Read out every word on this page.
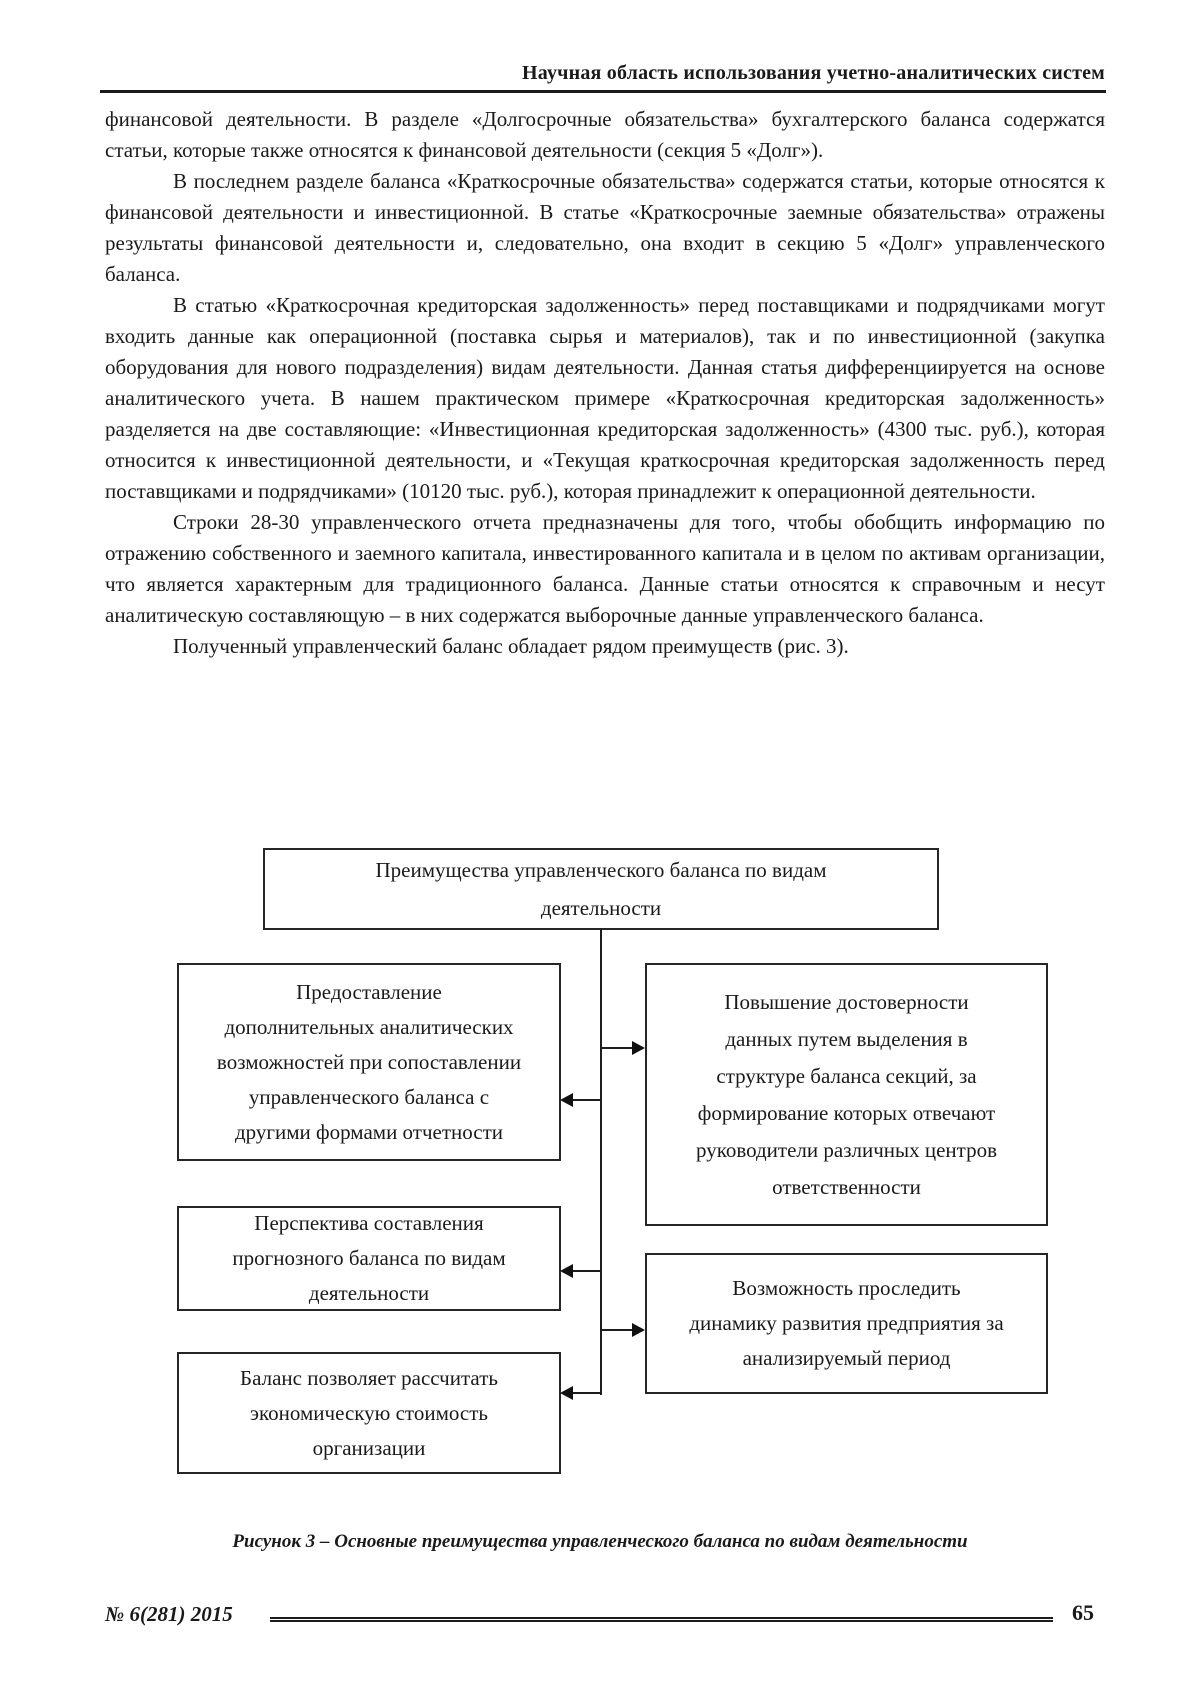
Научная область использования учетно-аналитических систем

финансовой деятельности. В разделе «Долгосрочные обязательства» бухгалтерского баланса содержатся статьи, которые также относятся к финансовой деятельности (секция 5 «Долг»).

В последнем разделе баланса «Краткосрочные обязательства» содержатся статьи, которые относятся к финансовой деятельности и инвестиционной. В статье «Краткосрочные заемные обязательства» отражены результаты финансовой деятельности и, следовательно, она входит в секцию 5 «Долг» управленческого баланса.

В статью «Краткосрочная кредиторская задолженность» перед поставщиками и подрядчиками могут входить данные как операционной (поставка сырья и материалов), так и по инвестиционной (закупка оборудования для нового подразделения) видам деятельности. Данная статья дифференциируется на основе аналитического учета. В нашем практическом примере «Краткосрочная кредиторская задолженность» разделяется на две составляющие: «Инвестиционная кредиторская задолженность» (4300 тыс. руб.), которая относится к инвестиционной деятельности, и «Текущая краткосрочная кредиторская задолженность перед поставщиками и подрядчиками» (10120 тыс. руб.), которая принадлежит к операционной деятельности.

Строки 28-30 управленческого отчета предназначены для того, чтобы обобщить информацию по отражению собственного и заемного капитала, инвестированного капитала и в целом по активам организации, что является характерным для традиционного баланса. Данные статьи относятся к справочным и несут аналитическую составляющую – в них содержатся выборочные данные управленческого баланса.

Полученный управленческий баланс обладает рядом преимуществ (рис. 3).

Преимущества управленческого баланса по видам
деятельности
Предоставление
дополнительных аналитических
возможностей при сопоставлении
управленческого баланса с
другими формами отчетности
Повышение достоверности
данных путем выделения в
структуре баланса секций, за
формирование которых отвечают
руководители различных центров
ответственности
Перспектива составления
прогнозного баланса по видам
деятельности	Возможность проследить
динамику развития предприятия за
анализируемый период
Баланс позволяет рассчитать
экономическую стоимость
организации
Рисунок 3 – Основные преимущества управленческого баланса по видам деятельности
№ 6(281) 2015	65
